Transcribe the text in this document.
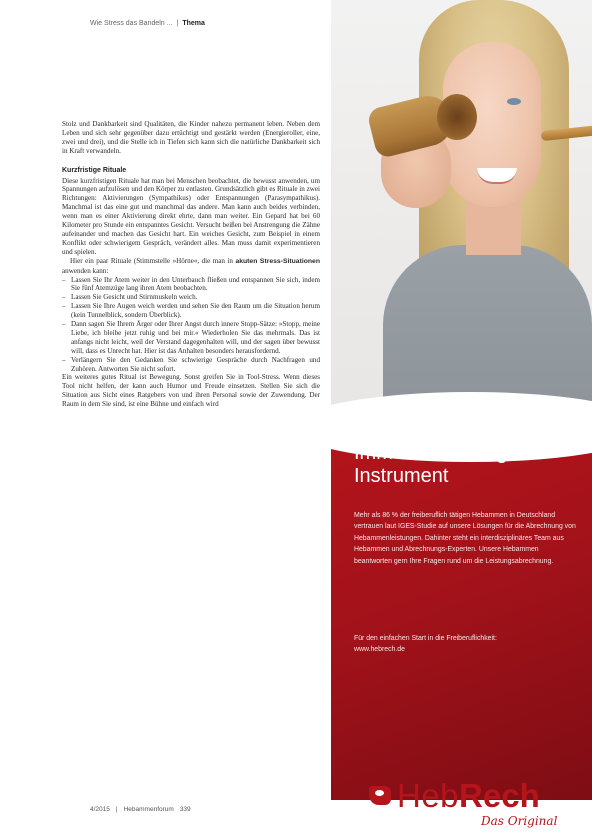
Wie Stress das Bandeln ... | Thema

Stolz und Dankbarkeit sind Qualitäten, die Kinder nahezu permanent leben. Neben dem Leben und sich sehr gegenüber dazu ertüchtigt und gestärkt werden (Energieroller, eine, zwei und drei), und die Stelle ich in Tiefen sich kann sich die natürliche Dankbarkeit sich in Kraft verwandeln.

Kurzfristige Rituale

Diese kurzfristigen Rituale hat man bei Menschen beobachtet, die bewusst anwenden, um Spannungen aufzulösen und den Körper zu entlasten. Grundsätzlich gibt es Rituale in zwei Richtungen: Aktivierungen (Sympathikus) oder Entspannungen (Parasympathikus). Manchmal ist das eine gut und manchmal das andere. Man kann auch beides verbinden, wenn man es einer Aktivierung direkt ehrte, dann man weiter. Ein Gepard hat bei 60 Kilometer pro Stunde ein entspanntes Gesicht. Versucht beißen bei Anstrengung die Zähne aufeinander und machen das Gesicht hart. Ein weiches Gesicht, zum Beispiel in einem Konflikt oder schwierigem Gespräch, verändert alles. Man muss damit experimentieren und spielen.

Hier ein paar Rituale (Stimmstelle »Hörne«, die man in akuten Stress-Situationen anwenden kann:

– Lassen Sie Ihr Atem weiter in den Unterbauch fließen und entspannen Sie sich, indem Sie fünf Atemzüge lang ihren Atem beobachten.
– Lassen Sie Gesicht und Stirnmuskeln weich.
– Lassen Sie Ihre Augen weich werden und sehen Sie den Raum um die Situation herum (kein Tunnelblick, sondern Überblick).
– Dann sagen Sie Ihrem Ärger oder Ihrer Angst durch innere Stopp-Sätze: »Stopp, meine Liebe, ich bleibe jetzt ruhig und bei mir.« Wiederholen Sie das mehrmals. Das ist anfangs nicht leicht, weil der Verstand dagegenhalten will, und der sagen über bewusst will, dass es Unrecht hat. Hier ist das Anhalten besonders herausfordernd.
– Verlängern Sie den Gedanken Sie schwierige Gespräche durch Nachfragen und Zuhören. Antworten Sie nicht sofort.

Ein weiteres gutes Ritual ist Bewegung. Sonst greifen Sie in Tool-Stress. Wenn dieses Tool nicht helfen, der kann auch Humor und Freude einsetzen. Stellen Sie sich die Situation aus Sicht eines Ratgebers von und ihren Personal sowie der Zuwendung. Der Raum in dem Sie sind, ist eine Bühne und einfach wird

4/2015 | Hebammenforum 339
Immer das richtige
Instrument
Mehr als 86 % der freiberuflich tätigen Hebammen in Deutschland vertrauen laut IGES-Studie auf unsere Lösungen für die Abrechnung von Hebammenleistungen. Dahinter steht ein interdisziplinäres Team aus Hebammen und Abrechnungs-Experten. Unsere Hebammen beantworten gern Ihre Fragen rund um die Leistungsabrechnung.
Für den einfachen Start in die Freiberuflichkeit:
www.hebrech.de
HebRech
Das Original
